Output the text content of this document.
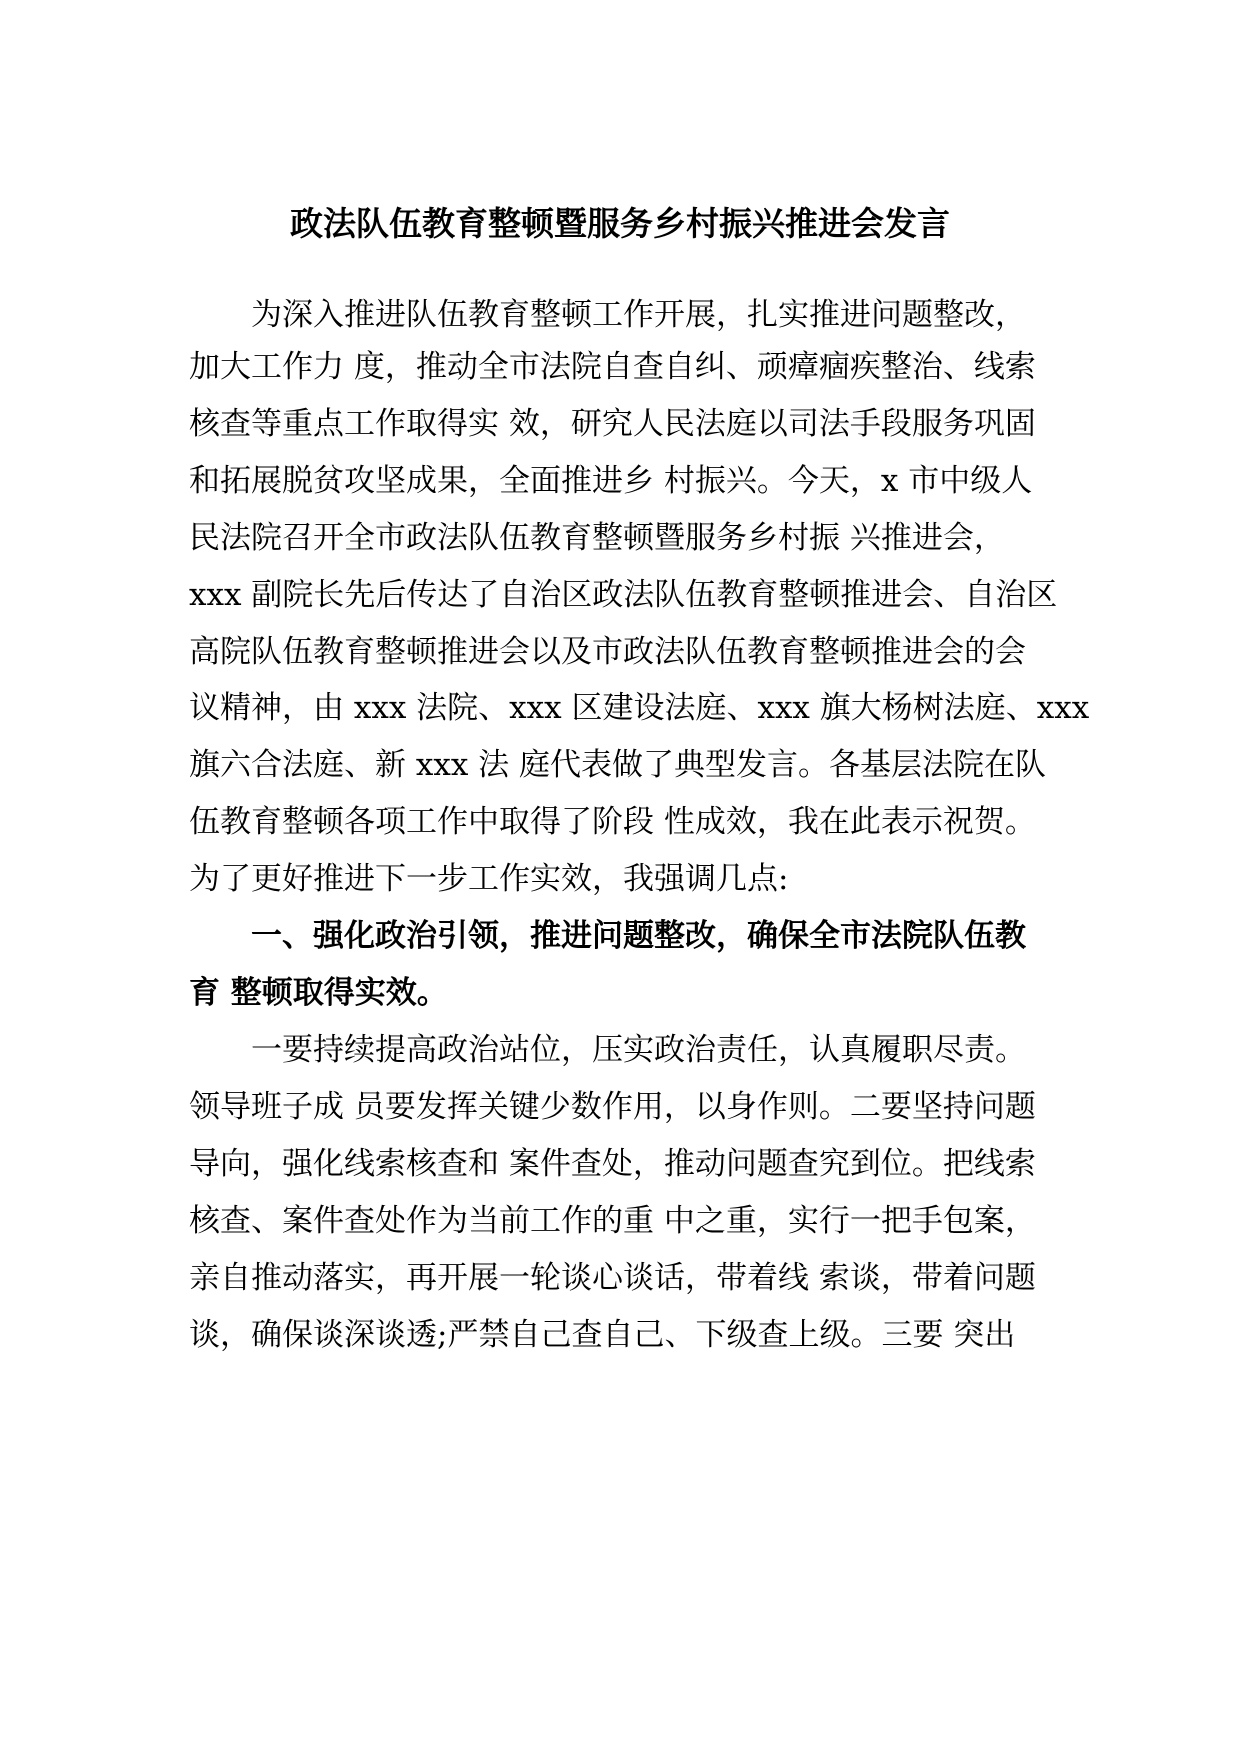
政法队伍教育整顿暨服务乡村振兴推进会发言
为深入推进队伍教育整顿工作开展，扎实推进问题整改，
加大工作力 度，推动全市法院自查自纠、顽瘴痼疾整治、线索
核查等重点工作取得实 效，研究人民法庭以司法手段服务巩固
和拓展脱贫攻坚成果，全面推进乡 村振兴。今天，x 市中级人
民法院召开全市政法队伍教育整顿暨服务乡村振 兴推进会，
xxx 副院长先后传达了自治区政法队伍教育整顿推进会、自治区
高院队伍教育整顿推进会以及市政法队伍教育整顿推进会的会
议精神，由 xxx 法院、xxx 区建设法庭、xxx 旗大杨树法庭、xxx
旗六合法庭、新 xxx 法 庭代表做了典型发言。各基层法院在队
伍教育整顿各项工作中取得了阶段 性成效，我在此表示祝贺。
为了更好推进下一步工作实效，我强调几点:
一、强化政治引领，推进问题整改，确保全市法院队伍教
育 整顿取得实效。
一要持续提高政治站位，压实政治责任，认真履职尽责。
领导班子成 员要发挥关键少数作用，以身作则。二要坚持问题
导向，强化线索核查和 案件查处，推动问题查究到位。把线索
核查、案件查处作为当前工作的重 中之重，实行一把手包案，
亲自推动落实，再开展一轮谈心谈话，带着线 索谈，带着问题
谈，确保谈深谈透;严禁自己查自己、下级查上级。三要 突出
